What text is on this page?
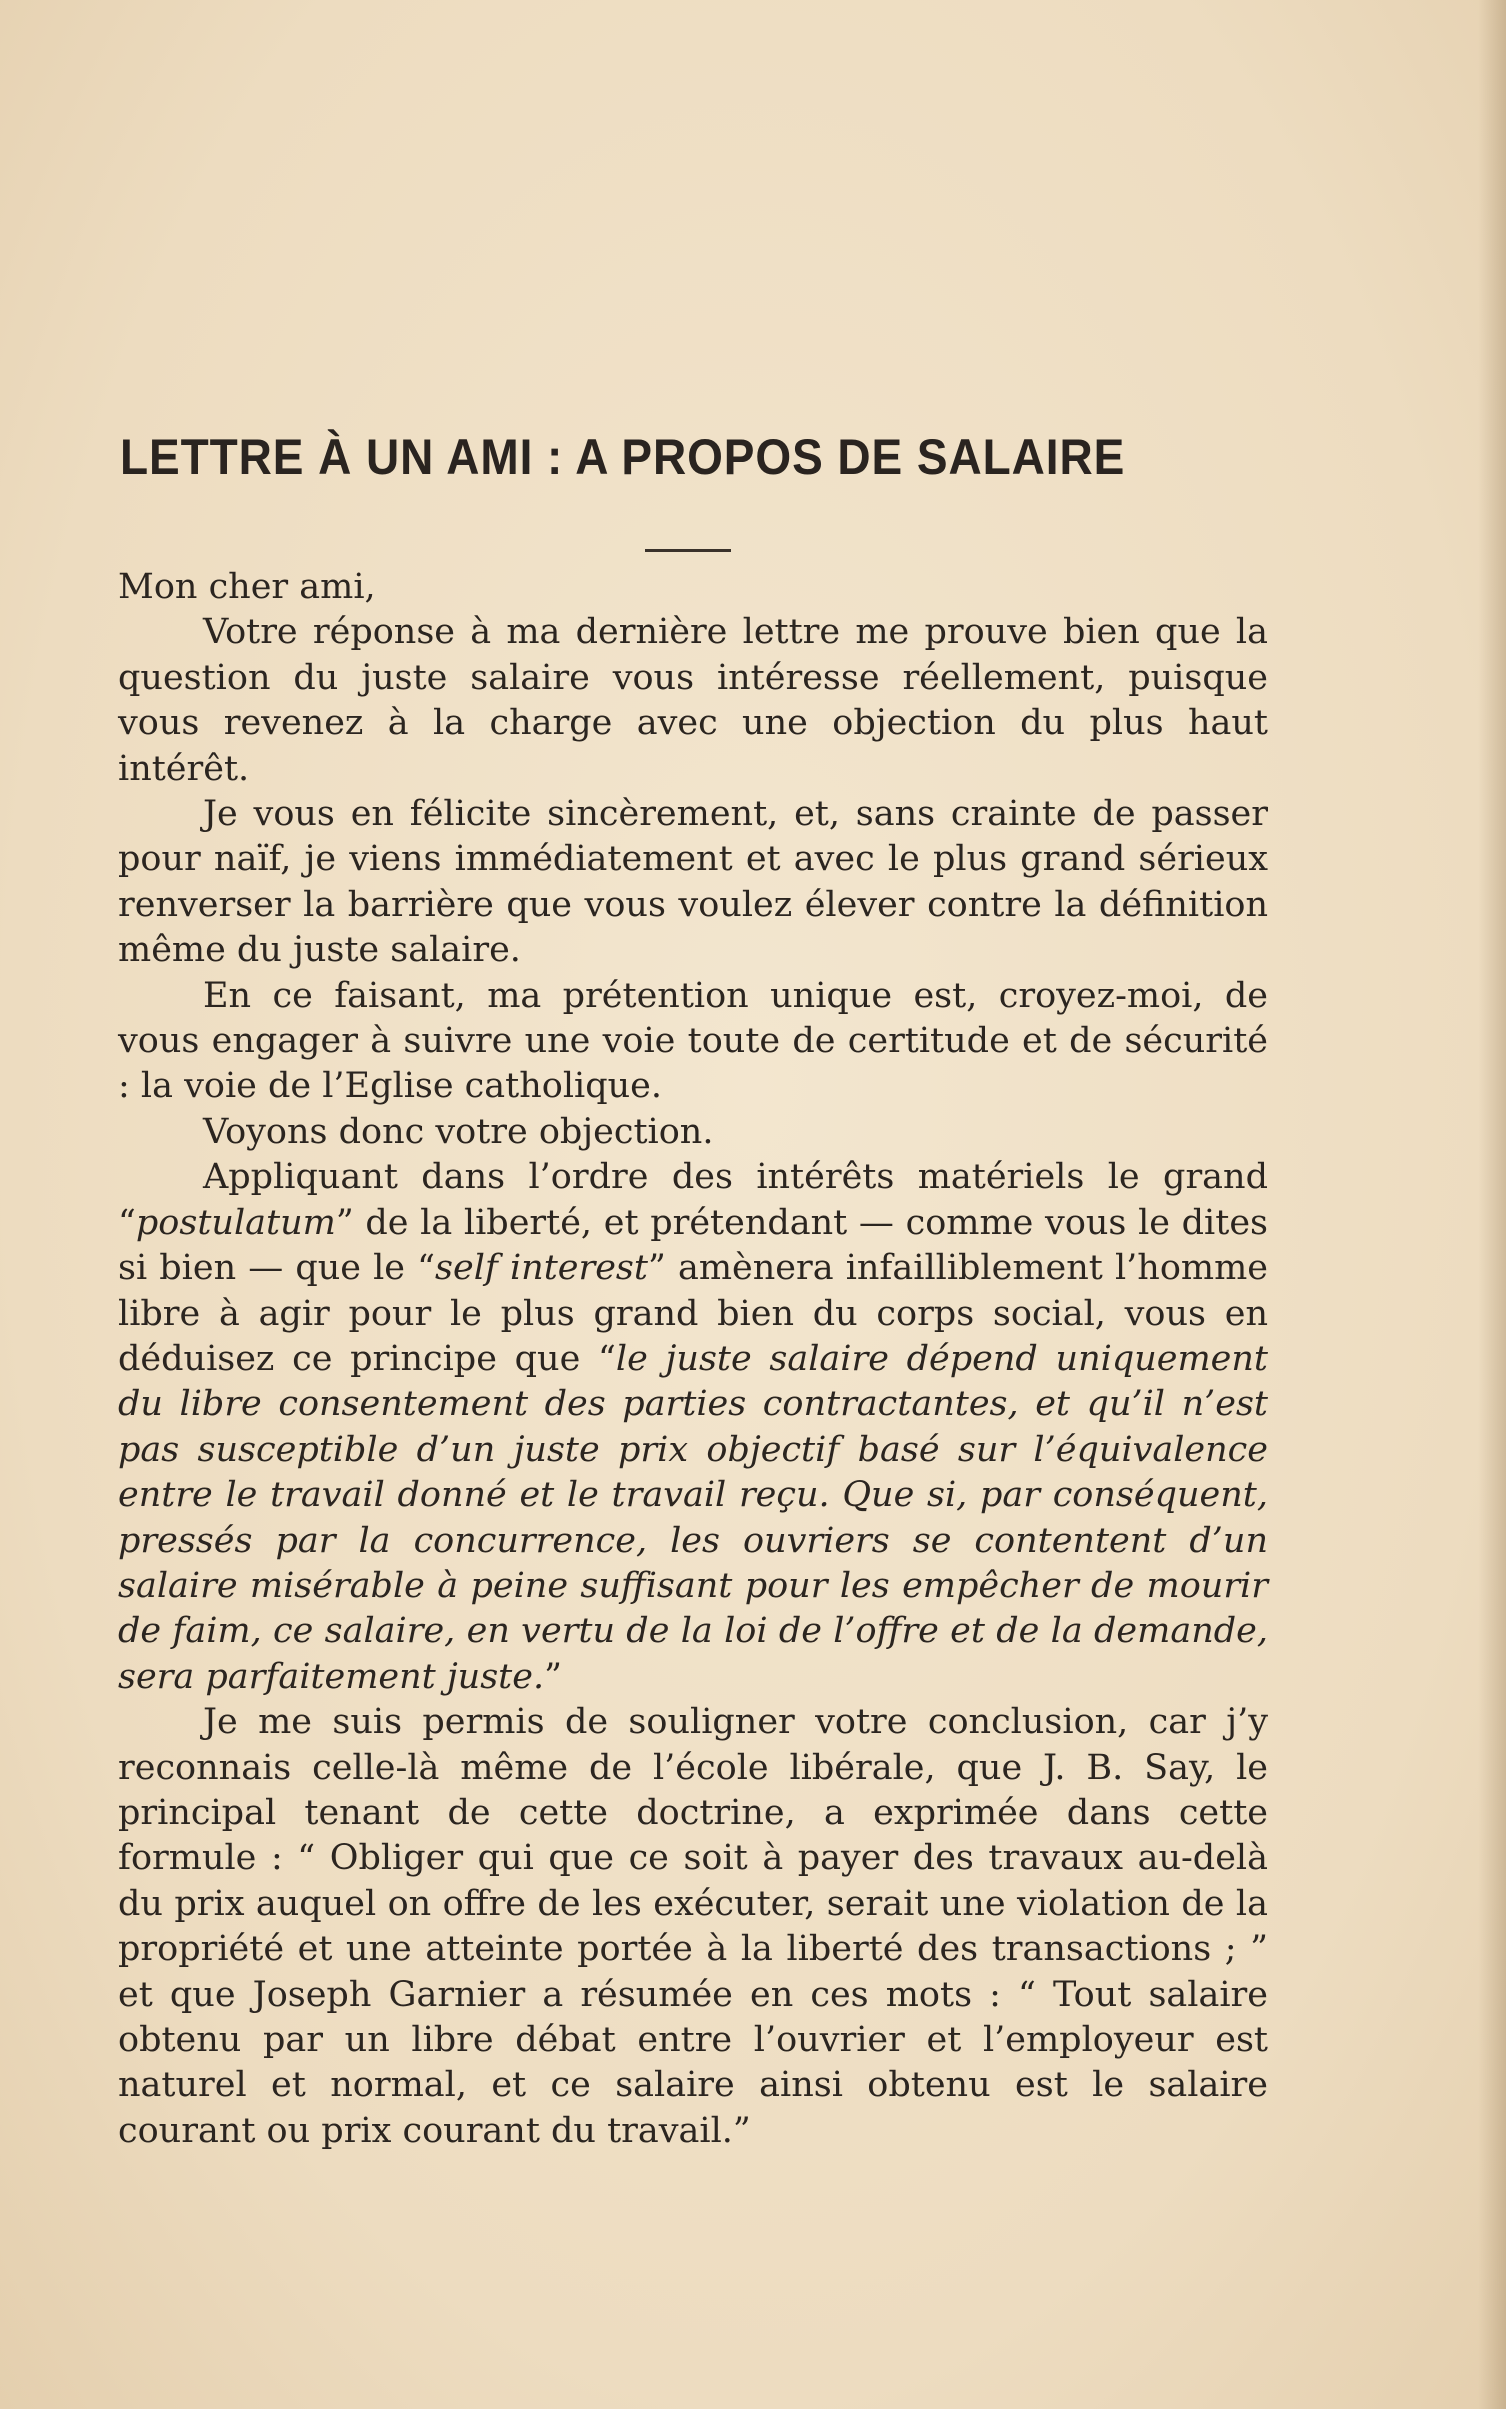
LETTRE À UN AMI : A PROPOS DE SALAIRE

Mon cher ami,

Votre réponse à ma dernière lettre me prouve bien que la question du juste salaire vous intéresse réellement, puisque vous revenez à la charge avec une objection du plus haut intérêt.

Je vous en félicite sincèrement, et, sans crainte de passer pour naïf, je viens immédiatement et avec le plus grand sérieux renverser la barrière que vous voulez élever contre la définition même du juste salaire.

En ce faisant, ma prétention unique est, croyez-moi, de vous engager à suivre une voie toute de certitude et de sécurité : la voie de l’Eglise catholique.

Voyons donc votre objection.

Appliquant dans l’ordre des intérêts matériels le grand “postulatum” de la liberté, et prétendant — comme vous le dites si bien — que le “self interest” amènera infailliblement l’homme libre à agir pour le plus grand bien du corps social, vous en déduisez ce principe que “le juste salaire dépend uniquement du libre consentement des parties contractantes, et qu’il n’est pas susceptible d’un juste prix objectif basé sur l’équivalence entre le travail donné et le travail reçu. Que si, par conséquent, pressés par la concurrence, les ouvriers se contentent d’un salaire misérable à peine suffisant pour les empêcher de mourir de faim, ce salaire, en vertu de la loi de l’offre et de la demande, sera parfaitement juste.”

Je me suis permis de souligner votre conclusion, car j’y reconnais celle-là même de l’école libérale, que J. B. Say, le principal tenant de cette doctrine, a exprimée dans cette formule : “ Obliger qui que ce soit à payer des travaux au-delà du prix auquel on offre de les exécuter, serait une violation de la propriété et une atteinte portée à la liberté des transactions ; ” et que Joseph Garnier a résumée en ces mots : “ Tout salaire obtenu par un libre débat entre l’ouvrier et l’employeur est naturel et normal, et ce salaire ainsi obtenu est le salaire courant ou prix courant du travail.”
